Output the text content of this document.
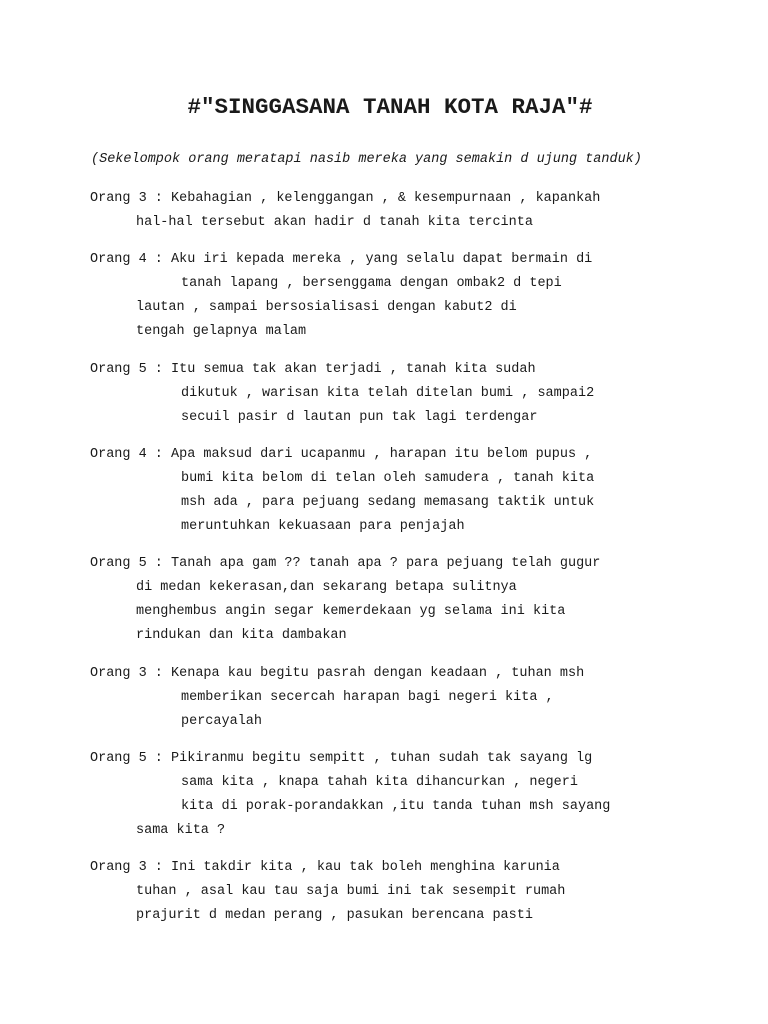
#"SINGGASANA TANAH KOTA RAJA"#
(Sekelompok orang meratapi nasib mereka yang semakin d ujung tanduk)
Orang 3 : Kebahagian , kelenggangan , & kesempurnaan , kapankah
hal-hal tersebut akan hadir d tanah kita tercinta
Orang 4 : Aku iri kepada mereka , yang selalu dapat bermain di
tanah lapang , bersenggama dengan ombak2 d tepi
lautan , sampai bersosialisasi dengan kabut2 di
tengah gelapnya malam
Orang 5 : Itu semua tak akan terjadi , tanah kita sudah
dikutuk , warisan kita telah ditelan bumi , sampai2
secuil pasir d lautan pun tak lagi terdengar
Orang 4 : Apa maksud dari ucapanmu , harapan itu belom pupus ,
bumi kita belom di telan oleh samudera , tanah kita
msh ada , para pejuang sedang memasang taktik untuk
meruntuhkan kekuasaan para penjajah
Orang 5 : Tanah apa gam ?? tanah apa ? para pejuang telah gugur
di medan kekerasan,dan sekarang betapa sulitnya
menghembus angin segar kemerdekaan yg selama ini kita
rindukan dan kita dambakan
Orang 3 : Kenapa kau begitu pasrah dengan keadaan , tuhan msh
memberikan secercah harapan bagi negeri kita ,
percayalah
Orang 5 : Pikiranmu begitu sempitt , tuhan sudah tak sayang lg
sama kita , knapa tahah kita dihancurkan , negeri
kita di porak-porandakkan ,itu tanda tuhan msh sayang
sama kita ?
Orang 3 : Ini takdir kita , kau tak boleh menghina karunia
tuhan , asal kau tau saja bumi ini tak sesempit rumah
prajurit d medan perang , pasukan berencana pasti
